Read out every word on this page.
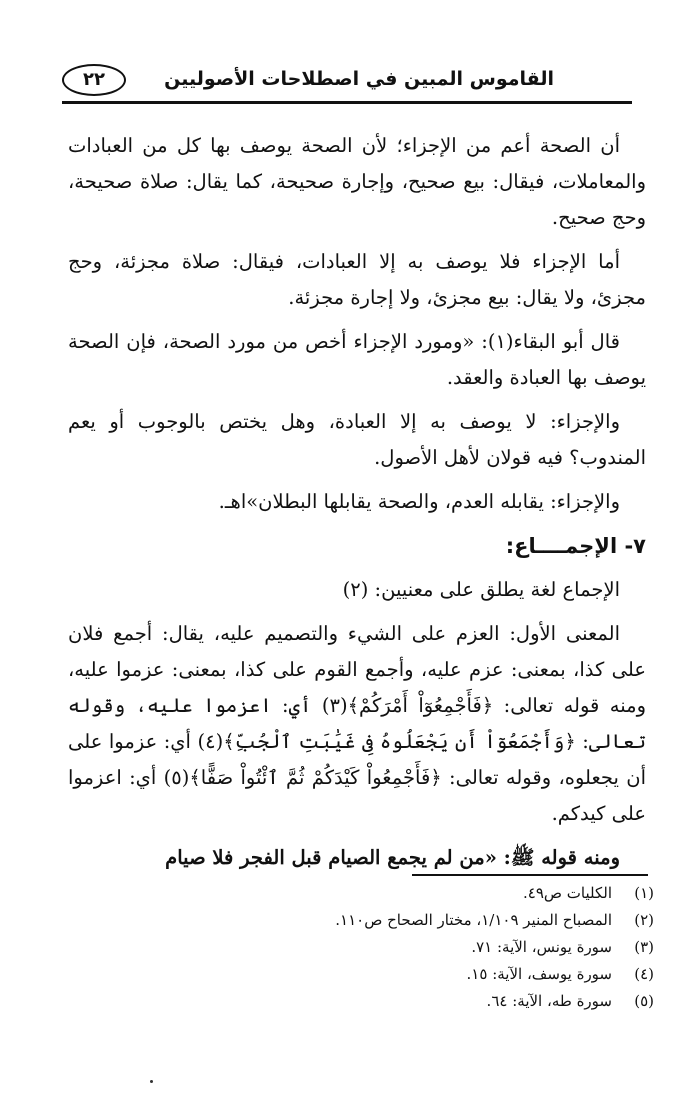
القاموس المبين في اصطلاحات الأصوليين
٢٢

أن الصحة أعم من الإجزاء؛ لأن الصحة يوصف بها كل من العبادات والمعاملات، فيقال: بيع صحيح، وإجارة صحيحة، كما يقال: صلاة صحيحة، وحج صحيح.

أما الإجزاء فلا يوصف به إلا العبادات، فيقال: صلاة مجزئة، وحج مجزئ، ولا يقال: بيع مجزئ، ولا إجارة مجزئة.

قال أبو البقاء(١): «ومورد الإجزاء أخص من مورد الصحة، فإن الصحة يوصف بها العبادة والعقد.

والإجزاء: لا يوصف به إلا العبادة، وهل يختص بالوجوب أو يعم المندوب؟ فيه قولان لأهل الأصول.

والإجزاء: يقابله العدم، والصحة يقابلها البطلان»اهـ.

٧- الإجمــــاع:

الإجماع لغة يطلق على معنيين: (٢)

المعنى الأول: العزم على الشيء والتصميم عليه، يقال: أجمع فلان على كذا، بمعنى: عزم عليه، وأجمع القوم على كذا، بمعنى: عزموا عليه، ومنه قوله تعالى: ﴿فَأَجْمِعُوٓاْ أَمْرَكُمْ﴾(٣) أي: اعزموا عليه، وقوله تعالى: ﴿وَأَجْمَعُوٓاْ أَن يَجْعَلُوهُ فِى غَيَٰبَتِ ٱلْجُبِّ﴾(٤) أي: عزموا على أن يجعلوه، وقوله تعالى: ﴿فَأَجْمِعُواْ كَيْدَكُمْ ثُمَّ ٱئْتُواْ صَفًّا﴾(٥) أي: اعزموا على كيدكم.

ومنه قوله ﷺ: «من لم يجمع الصيام قبل الفجر فلا صيام

(١)
الكليات ص٤٩.
(٢)
المصباح المنير ١/١٠٩، مختار الصحاح ص١١٠.
(٣)
سورة يونس، الآية: ٧١.
(٤)
سورة يوسف، الآية: ١٥.
(٥)
سورة طه، الآية: ٦٤.
